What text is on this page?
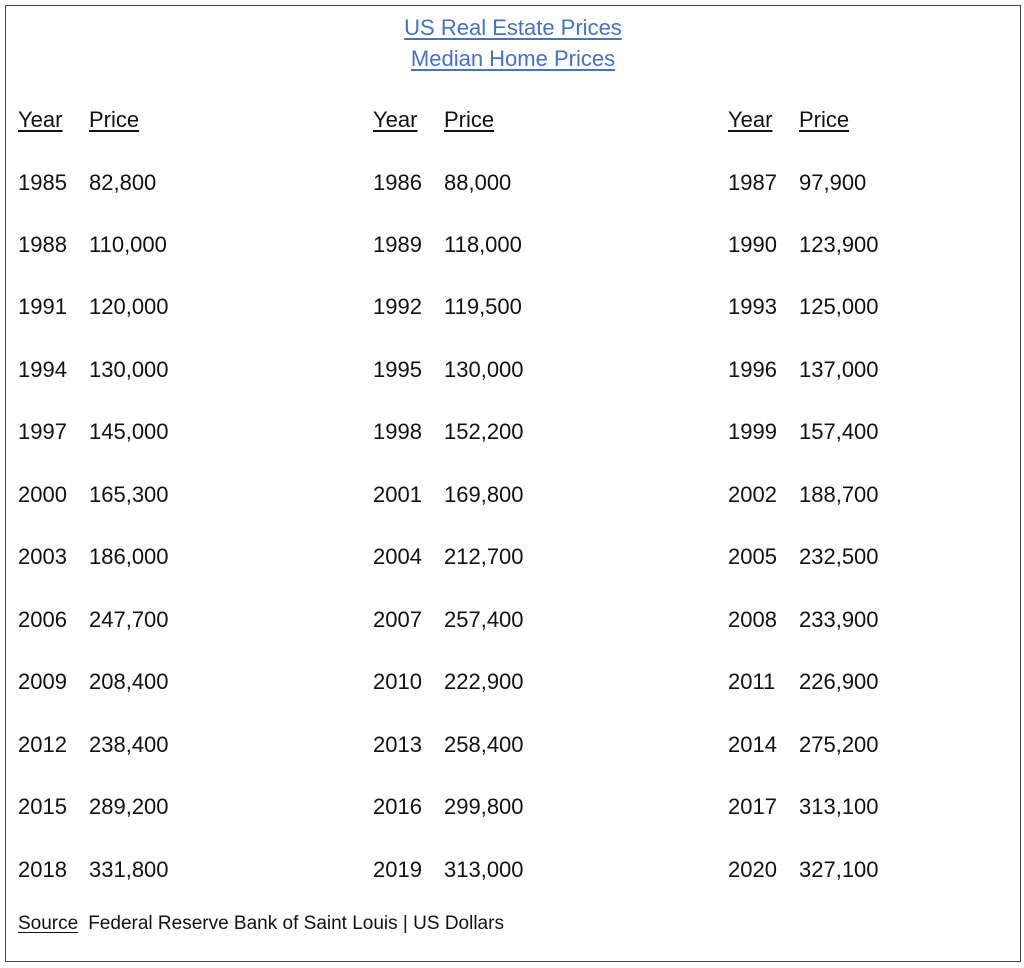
US Real Estate Prices
Median Home Prices
Year Price	Year Price	Year Price
1985 82,800
1988 110,000
1991 120,000
1994 130,000
1997 145,000
2000 165,300
2003 186,000
2006 247,700
2009 208,400
2012 238,400
2015 289,200
2018 331,800
1986 88,000
1989 118,000
1992 119,500
1995 130,000
1998 152,200
2001 169,800
2004 212,700
2007 257,400
2010 222,900
2013 258,400
2016 299,800
2019 313,000
1987 97,900
1990 123,900
1993 125,000
1996 137,000
1999 157,400
2002 188,700
2005 232,500
2008 233,900
2011 226,900
2014 275,200
2017 313,100
2020 327,100
Source Federal Reserve Bank of Saint Louis | US Dollars
